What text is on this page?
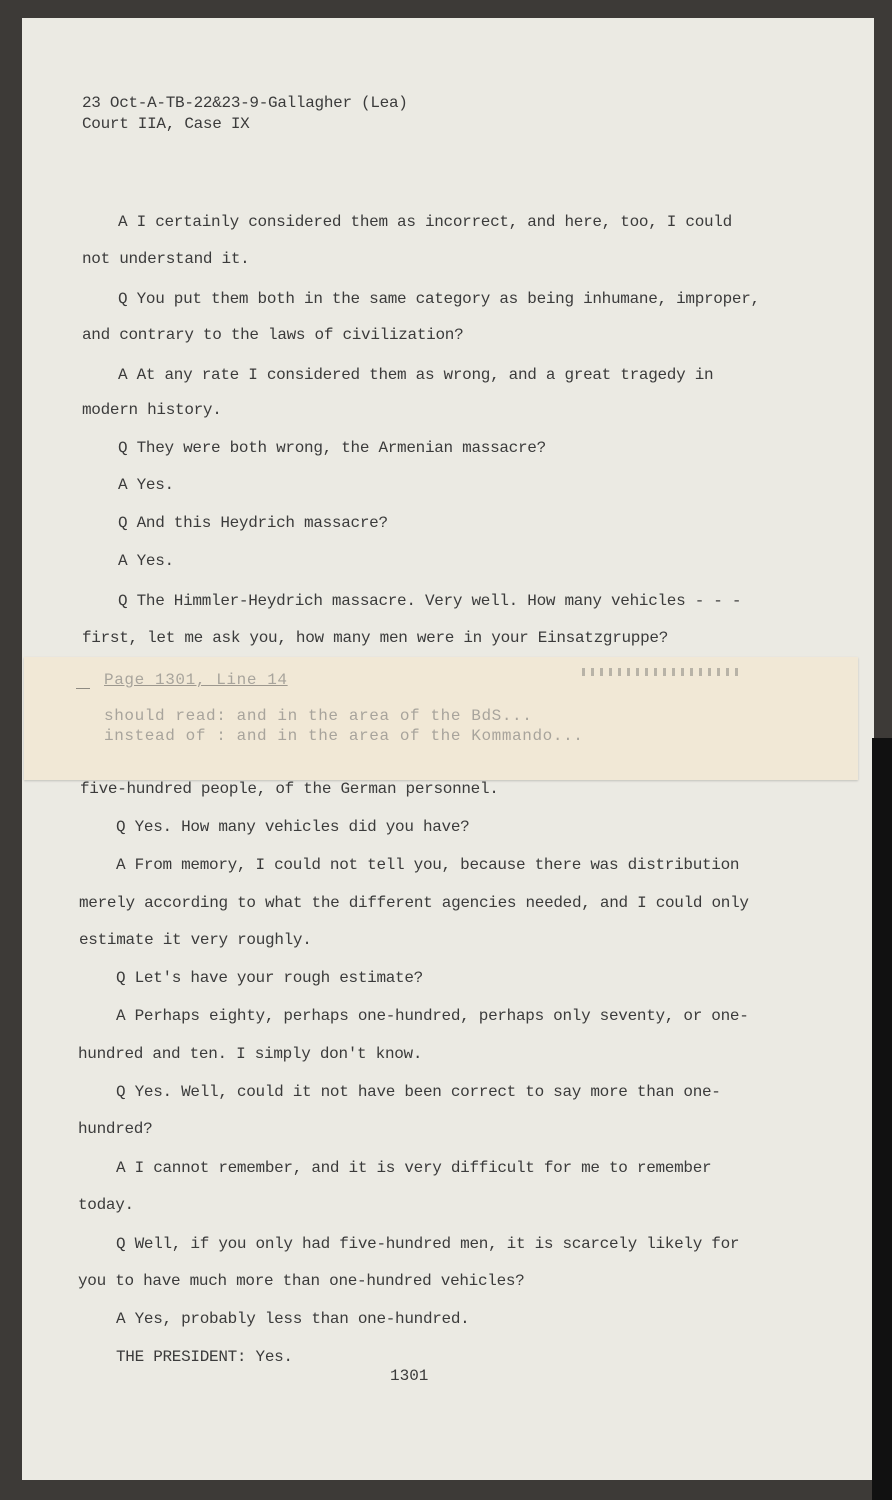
23 Oct-A-TB-22&23-9-Gallagher (Lea)

Court IIA, Case IX

A I certainly considered them as incorrect, and here, too, I could

not understand it.

Q You put them both in the same category as being inhumane, improper,

and contrary to the laws of civilization?

A At any rate I considered them as wrong, and a great tragedy in

modern history.

Q They were both wrong, the Armenian massacre?

A Yes.

Q And this Heydrich massacre?

A Yes.

Q The Himmler-Heydrich massacre. Very well. How many vehicles - - -

first, let me ask you, how many men were in your Einsatzgruppe?

Page 1301, Line 14

should read: and in the area of the BdS...

instead of : and in the area of the Kommando...

five-hundred people, of the German personnel.

Q Yes. How many vehicles did you have?

A From memory, I could not tell you, because there was distribution

merely according to what the different agencies needed, and I could only

estimate it very roughly.

Q Let's have your rough estimate?

A Perhaps eighty, perhaps one-hundred, perhaps only seventy, or one-

hundred and ten. I simply don't know.

Q Yes. Well, could it not have been correct to say more than one-

hundred?

A I cannot remember, and it is very difficult for me to remember

today.

Q Well, if you only had five-hundred men, it is scarcely likely for

you to have much more than one-hundred vehicles?

A Yes, probably less than one-hundred.

THE PRESIDENT: Yes.

1301
